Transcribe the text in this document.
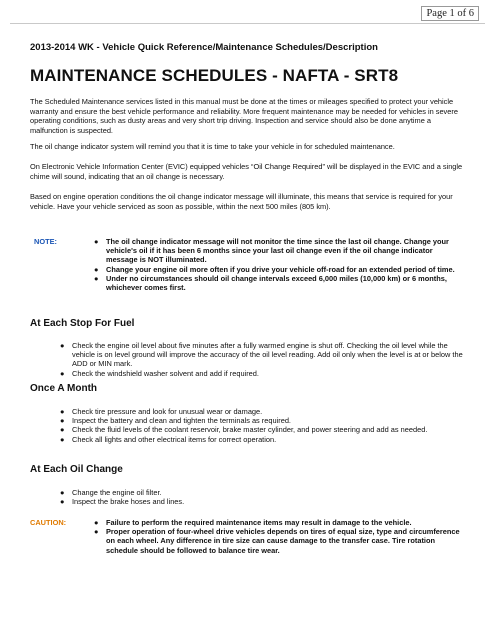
Page 1 of 6
2013-2014 WK - Vehicle Quick Reference/Maintenance Schedules/Description
MAINTENANCE SCHEDULES - NAFTA - SRT8

The Scheduled Maintenance services listed in this manual must be done at the times or mileages specified to protect your vehicle warranty and ensure the best vehicle performance and reliability. More frequent maintenance may be needed for vehicles in severe operating conditions, such as dusty areas and very short trip driving. Inspection and service should also be done anytime a malfunction is suspected.

The oil change indicator system will remind you that it is time to take your vehicle in for scheduled maintenance.

On Electronic Vehicle Information Center (EVIC) equipped vehicles “Oil Change Required” will be displayed in the EVIC and a single chime will sound, indicating that an oil change is necessary.

Based on engine operation conditions the oil change indicator message will illuminate, this means that service is required for your vehicle. Have your vehicle serviced as soon as possible, within the next 500 miles (805 km).

NOTE:	● The oil change indicator message will not monitor the time since the last oil change. Change your vehicle's oil if it has been 6 months since your last oil change even if the oil change indicator message is NOT illuminated.
● Change your engine oil more often if you drive your vehicle off-road for an extended period of time.
● Under no circumstances should oil change intervals exceed 6,000 miles (10,000 km) or 6 months, whichever comes first.
At Each Stop For Fuel
● Check the engine oil level about five minutes after a fully warmed engine is shut off. Checking the oil level while the vehicle is on level ground will improve the accuracy of the oil level reading. Add oil only when the level is at or below the ADD or MIN mark.
● Check the windshield washer solvent and add if required.
Once A Month
● Check tire pressure and look for unusual wear or damage.
● Inspect the battery and clean and tighten the terminals as required.
● Check the fluid levels of the coolant reservoir, brake master cylinder, and power steering and add as needed.
● Check all lights and other electrical items for correct operation.
At Each Oil Change
● Change the engine oil filter.
● Inspect the brake hoses and lines.
CAUTION:	● Failure to perform the required maintenance items may result in damage to the vehicle.
● Proper operation of four-wheel drive vehicles depends on tires of equal size, type and circumference on each wheel. Any difference in tire size can cause damage to the transfer case. Tire rotation schedule should be followed to balance tire wear.
